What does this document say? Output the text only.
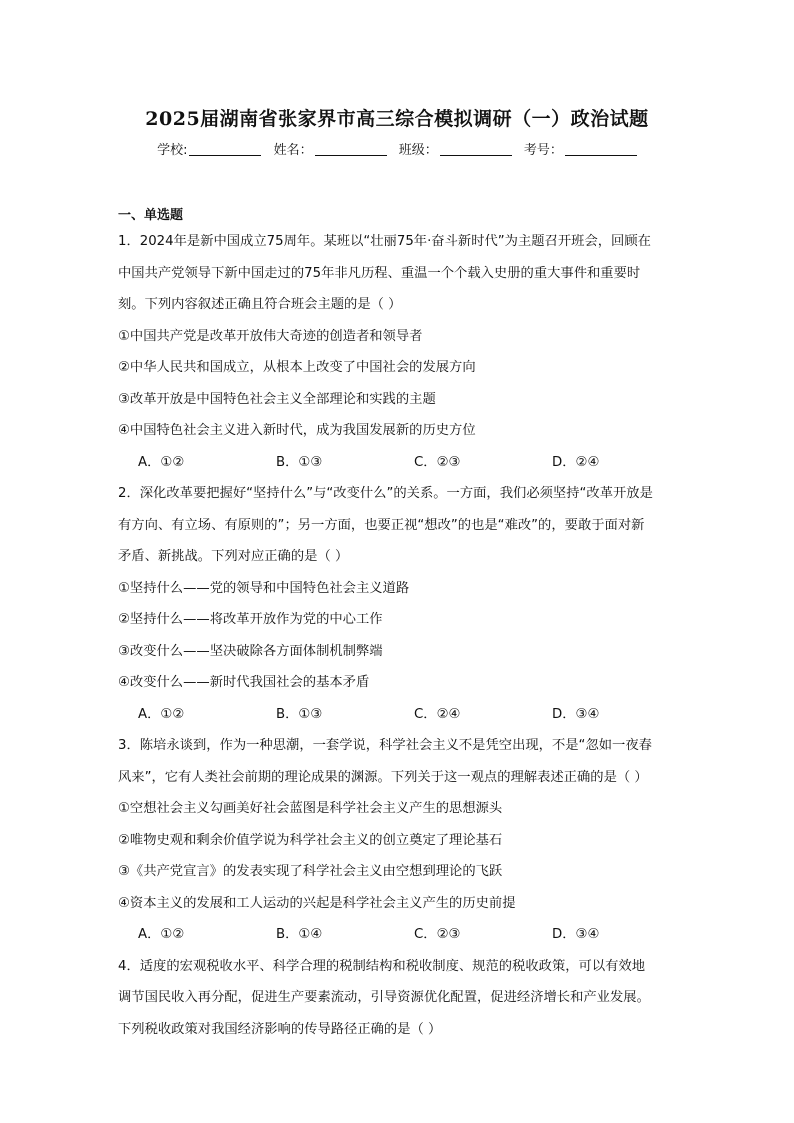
2025届湖南省张家界市高三综合模拟调研（一）政治试题
学校:	姓名：	班级：	考号：
一、单选题
1．2024年是新中国成立75周年。某班以“壮丽75年·奋斗新时代”为主题召开班会，回顾在
中国共产党领导下新中国走过的75年非凡历程、重温一个个载入史册的重大事件和重要时
刻。下列内容叙述正确且符合班会主题的是（ ）
①中国共产党是改革开放伟大奇迹的创造者和领导者
②中华人民共和国成立，从根本上改变了中国社会的发展方向
③改革开放是中国特色社会主义全部理论和实践的主题
④中国特色社会主义进入新时代，成为我国发展新的历史方位
A．①②	B．①③	C．②③	D．②④
2．深化改革要把握好“坚持什么”与“改变什么”的关系。一方面，我们必须坚持“改革开放是
有方向、有立场、有原则的”；另一方面，也要正视“想改”的也是“难改”的，要敢于面对新
矛盾、新挑战。下列对应正确的是（ ）
①坚持什么——党的领导和中国特色社会主义道路
②坚持什么——将改革开放作为党的中心工作
③改变什么——坚决破除各方面体制机制弊端
④改变什么——新时代我国社会的基本矛盾
A．①②	B．①③	C．②④	D．③④
3．陈培永谈到，作为一种思潮，一套学说，科学社会主义不是凭空出现，不是“忽如一夜春
风来”，它有人类社会前期的理论成果的渊源。下列关于这一观点的理解表述正确的是（ ）
①空想社会主义勾画美好社会蓝图是科学社会主义产生的思想源头
②唯物史观和剩余价值学说为科学社会主义的创立奠定了理论基石
③《共产党宣言》的发表实现了科学社会主义由空想到理论的飞跃
④资本主义的发展和工人运动的兴起是科学社会主义产生的历史前提
A．①②	B．①④	C．②③	D．③④
4．适度的宏观税收水平、科学合理的税制结构和税收制度、规范的税收政策，可以有效地
调节国民收入再分配，促进生产要素流动，引导资源优化配置，促进经济增长和产业发展。
下列税收政策对我国经济影响的传导路径正确的是（ ）
